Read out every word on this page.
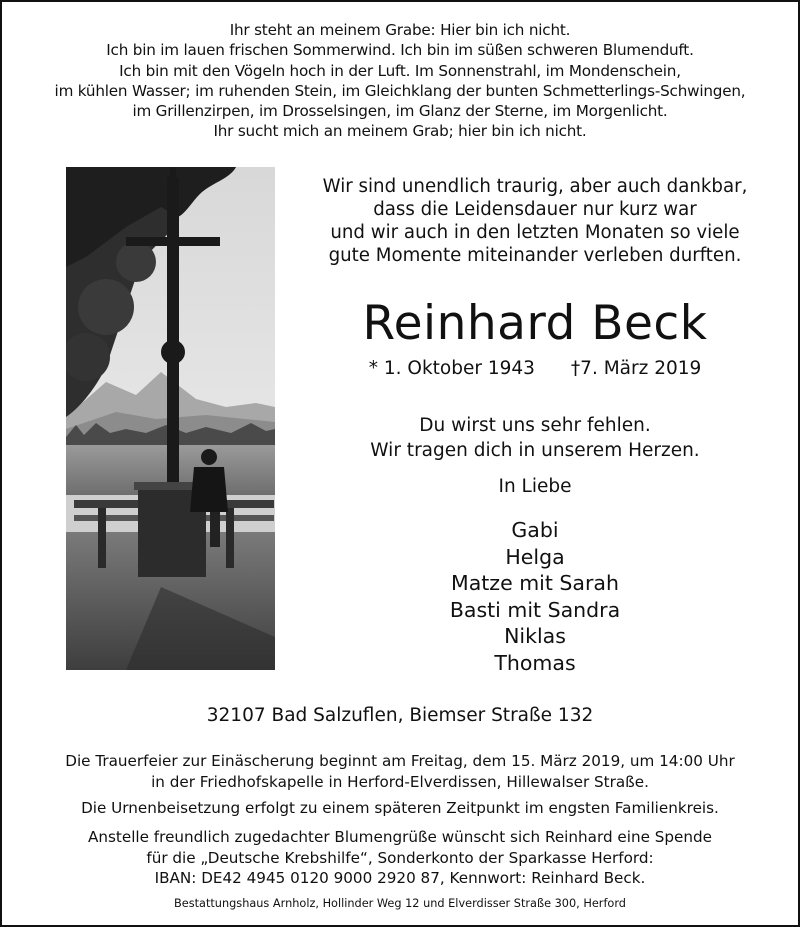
Ihr steht an meinem Grabe: Hier bin ich nicht.
Ich bin im lauen frischen Sommerwind. Ich bin im süßen schweren Blumenduft.
Ich bin mit den Vögeln hoch in der Luft. Im Sonnenstrahl, im Mondenschein,
im kühlen Wasser; im ruhenden Stein, im Gleichklang der bunten Schmetterlings-Schwingen,
im Grillenzirpen, im Drosselsingen, im Glanz der Sterne, im Morgenlicht.
Ihr sucht mich an meinem Grab; hier bin ich nicht.
Wir sind unendlich traurig, aber auch dankbar,
dass die Leidensdauer nur kurz war
und wir auch in den letzten Monaten so viele
gute Momente miteinander verleben durften.
Reinhard Beck
* 1. Oktober 1943 †7. März 2019
Du wirst uns sehr fehlen.
Wir tragen dich in unserem Herzen.
In Liebe
Gabi
Helga
Matze mit Sarah
Basti mit Sandra
Niklas
Thomas
32107 Bad Salzuflen, Biemser Straße 132
Die Trauerfeier zur Einäscherung beginnt am Freitag, dem 15. März 2019, um 14:00 Uhr
in der Friedhofskapelle in Herford-Elverdissen, Hillewalser Straße.
Die Urnenbeisetzung erfolgt zu einem späteren Zeitpunkt im engsten Familienkreis.
Anstelle freundlich zugedachter Blumengrüße wünscht sich Reinhard eine Spende
für die „Deutsche Krebshilfe“, Sonderkonto der Sparkasse Herford:
IBAN: DE42 4945 0120 9000 2920 87, Kennwort: Reinhard Beck.
Bestattungshaus Arnholz, Hollinder Weg 12 und Elverdisser Straße 300, Herford
